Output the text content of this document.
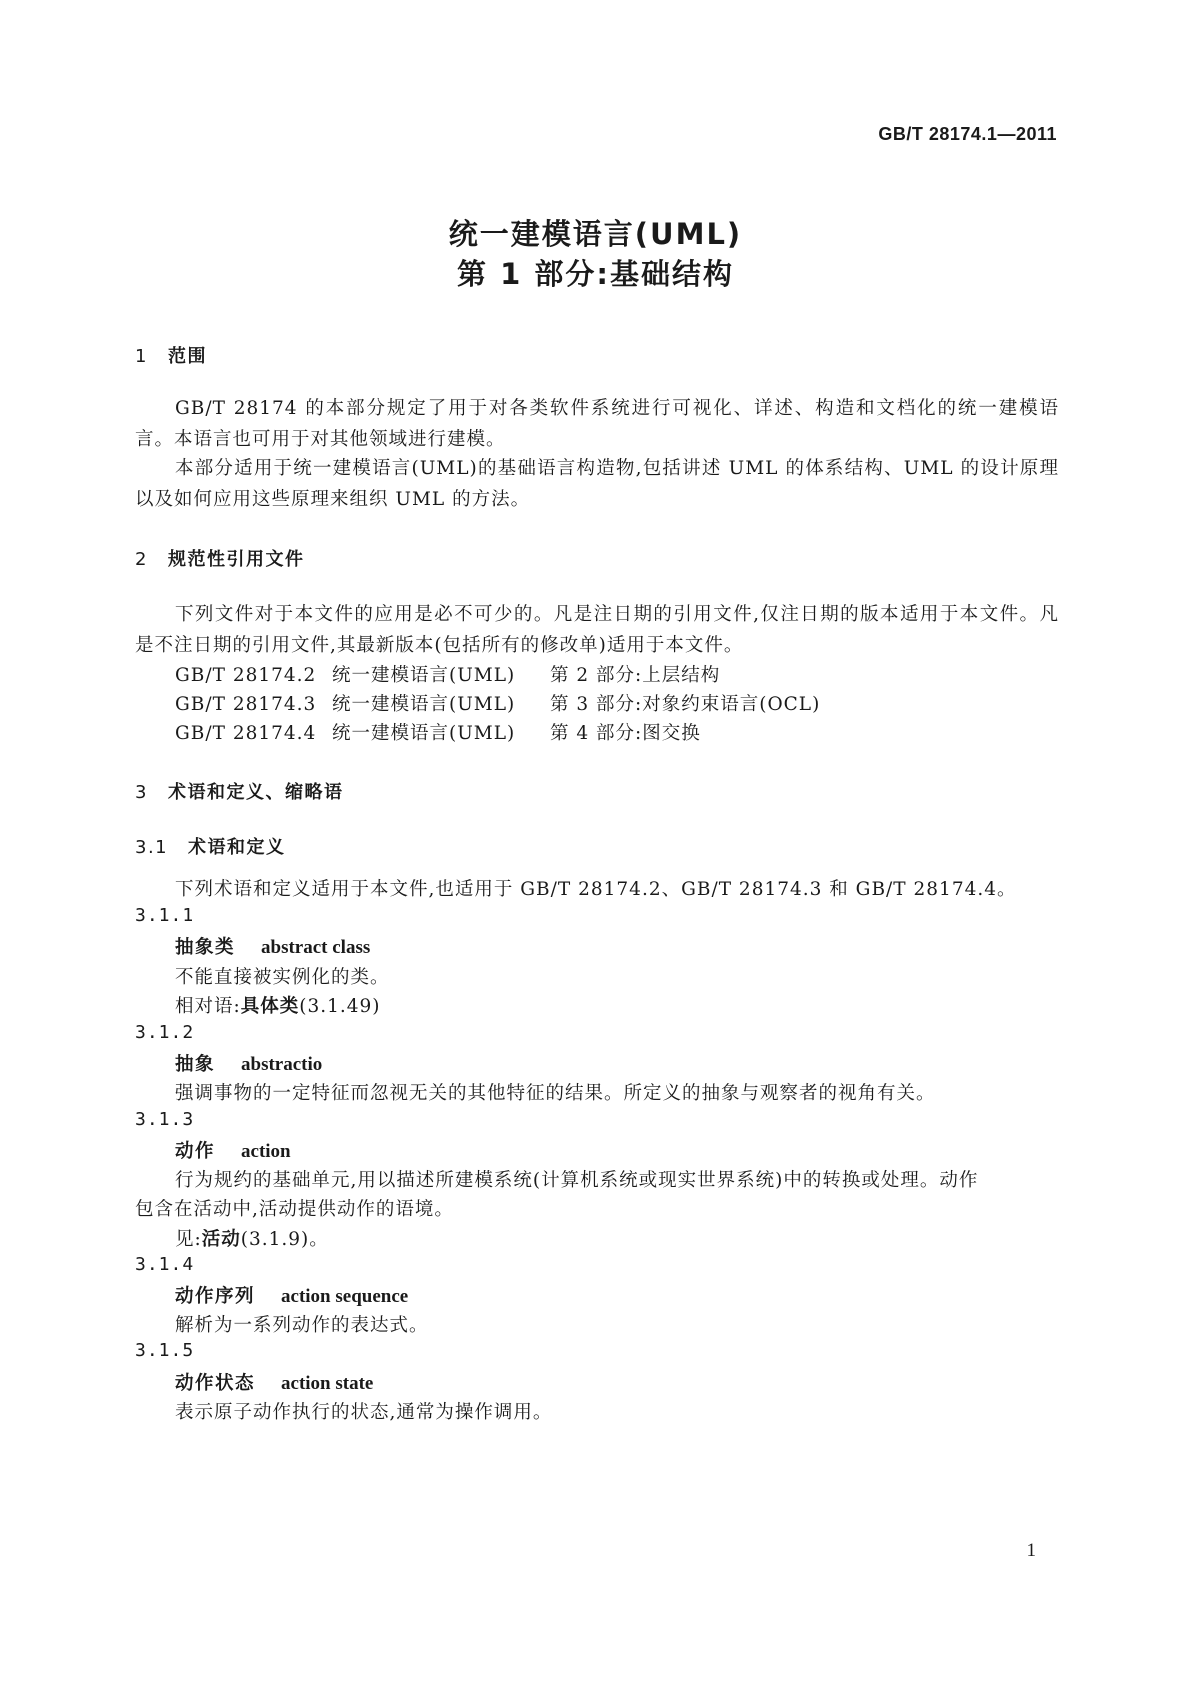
GB/T 28174.1—2011
统一建模语言(UML)
第 1 部分:基础结构
1 范围
GB/T 28174 的本部分规定了用于对各类软件系统进行可视化、详述、构造和文档化的统一建模语言。本语言也可用于对其他领域进行建模。
本部分适用于统一建模语言(UML)的基础语言构造物,包括讲述 UML 的体系结构、UML 的设计原理以及如何应用这些原理来组织 UML 的方法。
2 规范性引用文件
下列文件对于本文件的应用是必不可少的。凡是注日期的引用文件,仅注日期的版本适用于本文件。凡是不注日期的引用文件,其最新版本(包括所有的修改单)适用于本文件。
GB/T 28174.2 统一建模语言(UML) 第 2 部分:上层结构
GB/T 28174.3 统一建模语言(UML) 第 3 部分:对象约束语言(OCL)
GB/T 28174.4 统一建模语言(UML) 第 4 部分:图交换
3 术语和定义、缩略语
3.1 术语和定义
下列术语和定义适用于本文件,也适用于 GB/T 28174.2、GB/T 28174.3 和 GB/T 28174.4。
3.1.1
抽象类 abstract class
不能直接被实例化的类。
相对语:具体类(3.1.49)
3.1.2
抽象 abstractio
强调事物的一定特征而忽视无关的其他特征的结果。所定义的抽象与观察者的视角有关。
3.1.3
动作 action
行为规约的基础单元,用以描述所建模系统(计算机系统或现实世界系统)中的转换或处理。动作
包含在活动中,活动提供动作的语境。
见:活动(3.1.9)。
3.1.4
动作序列 action sequence
解析为一系列动作的表达式。
3.1.5
动作状态 action state
表示原子动作执行的状态,通常为操作调用。
1
